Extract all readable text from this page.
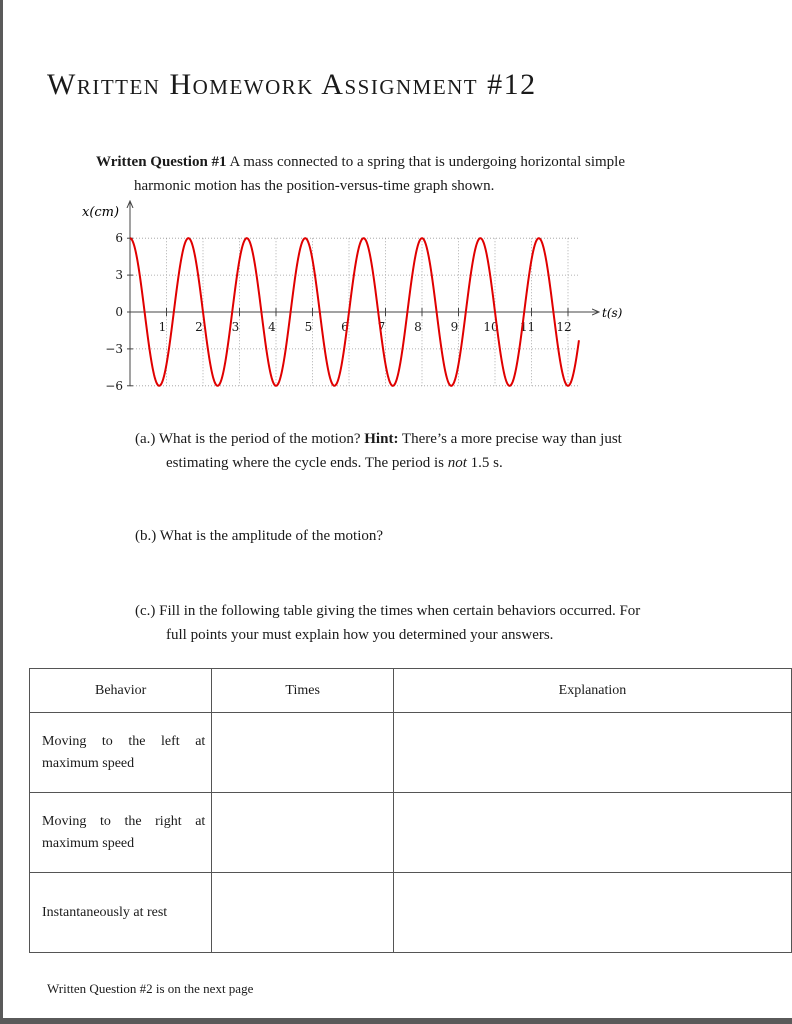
Written Homework Assignment #12
Written Question #1 A mass connected to a spring that is undergoing horizontal simple
harmonic motion has the position-versus-time graph shown.
6
3
0
−3
−6
1 2 3 4 5 6 7 8 9 10 11 12
x(cm)
t(s)
(a.) What is the period of the motion? Hint: There’s a more precise way than just
estimating where the cycle ends. The period is not 1.5 s.
(b.) What is the amplitude of the motion?
(c.) Fill in the following table giving the times when certain behaviors occurred. For
full points your must explain how you determined your answers.
Behavior	Times	Explanation
Moving to the left at maximum speed		
Moving to the right at maximum speed		
Instantaneously at rest		

Written Question #2 is on the next page
